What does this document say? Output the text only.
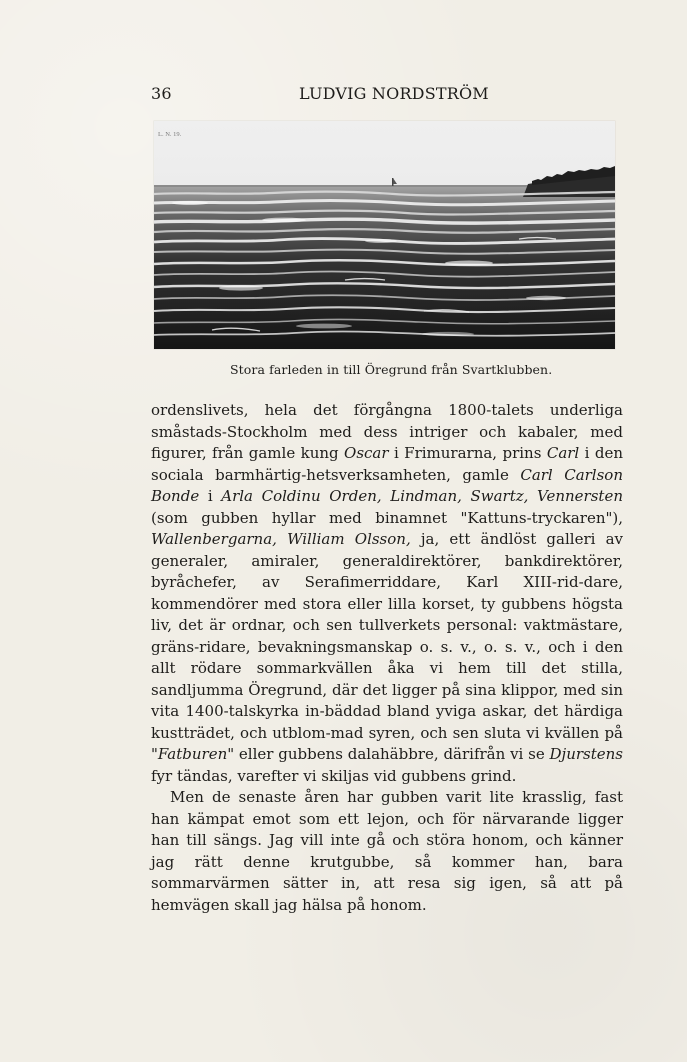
36	LUDVIG NORDSTRÖM
L. N. 19.
Stora farleden in till Öregrund från Svartklubben.

ordenslivets, hela det förgångna 1800-talets underliga småstads-Stockholm med dess intriger och kabaler, med figurer, från gamle kung Oscar i Frimurarna, prins Carl i den sociala barmhärtig-hetsverksamheten, gamle Carl Carlson Bonde i Arla Coldinu Orden, Lindman, Swartz, Vennersten (som gubben hyllar med binamnet "Kattuns-tryckaren"), Wallenbergarna, William Olsson, ja, ett ändlöst galleri av generaler, amiraler, generaldirektörer, bankdirektörer, byråchefer, av Serafimerriddare, Karl XIII-rid-dare, kommendörer med stora eller lilla korset, ty gubbens högsta liv, det är ordnar, och sen tullverkets personal: vaktmästare, gräns-ridare, bevakningsmanskap o. s. v., o. s. v., och i den allt rödare sommarkvällen åka vi hem till det stilla, sandljumma Öregrund, där det ligger på sina klippor, med sin vita 1400-talskyrka in-bäddad bland yviga askar, det härdiga kustträdet, och utblom-mad syren, och sen sluta vi kvällen på "Fatburen" eller gubbens dalahäbbre, därifrån vi se Djurstens fyr tändas, varefter vi skiljas vid gubbens grind.

Men de senaste åren har gubben varit lite krasslig, fast han kämpat emot som ett lejon, och för närvarande ligger han till sängs. Jag vill inte gå och störa honom, och känner jag rätt denne krutgubbe, så kommer han, bara sommarvärmen sätter in, att resa sig igen, så att på hemvägen skall jag hälsa på honom.
